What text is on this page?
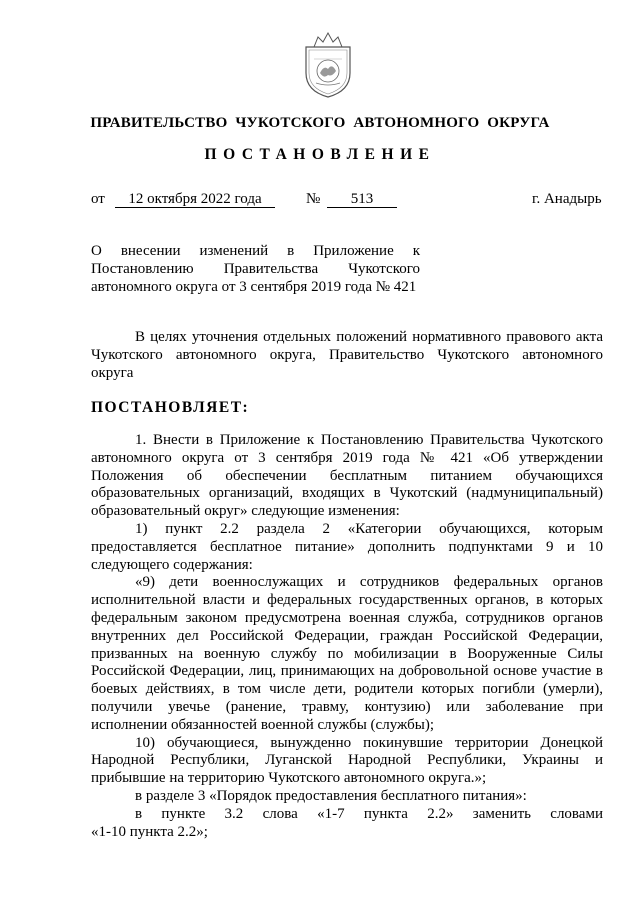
ПРАВИТЕЛЬСТВО ЧУКОТСКОГО АВТОНОМНОГО ОКРУГА
ПОСТАНОВЛЕНИЕ
от	12 октября 2022 года	№	513	г. Анадырь
О внесении изменений в Приложение к
Постановлению Правительства Чукотского
автономного округа от 3 сентября 2019 года № 421
В целях уточнения отдельных положений нормативного правового акта
Чукотского автономного округа, Правительство Чукотского автономного
округа
ПОСТАНОВЛЯЕТ:
1. Внести в Приложение к Постановлению Правительства Чукотского
автономного округа от 3 сентября 2019 года № 421 «Об утверждении
Положения об обеспечении бесплатным питанием обучающихся
образовательных организаций, входящих в Чукотский (надмуниципальный)
образовательный округ» следующие изменения:
1) пункт 2.2 раздела 2 «Категории обучающихся, которым
предоставляется бесплатное питание» дополнить подпунктами 9 и 10
следующего содержания:
«9) дети военнослужащих и сотрудников федеральных органов
исполнительной власти и федеральных государственных органов, в которых
федеральным законом предусмотрена военная служба, сотрудников органов
внутренних дел Российской Федерации, граждан Российской Федерации,
призванных на военную службу по мобилизации в Вооруженные Силы
Российской Федерации, лиц, принимающих на добровольной основе участие в
боевых действиях, в том числе дети, родители которых погибли (умерли),
получили увечье (ранение, травму, контузию) или заболевание при
исполнении обязанностей военной службы (службы);
10) обучающиеся, вынужденно покинувшие территории Донецкой
Народной Республики, Луганской Народной Республики, Украины и
прибывшие на территорию Чукотского автономного округа.»;
в разделе 3 «Порядок предоставления бесплатного питания»:
в пункте 3.2 слова «1-7 пункта 2.2» заменить словами
«1-10 пункта 2.2»;
